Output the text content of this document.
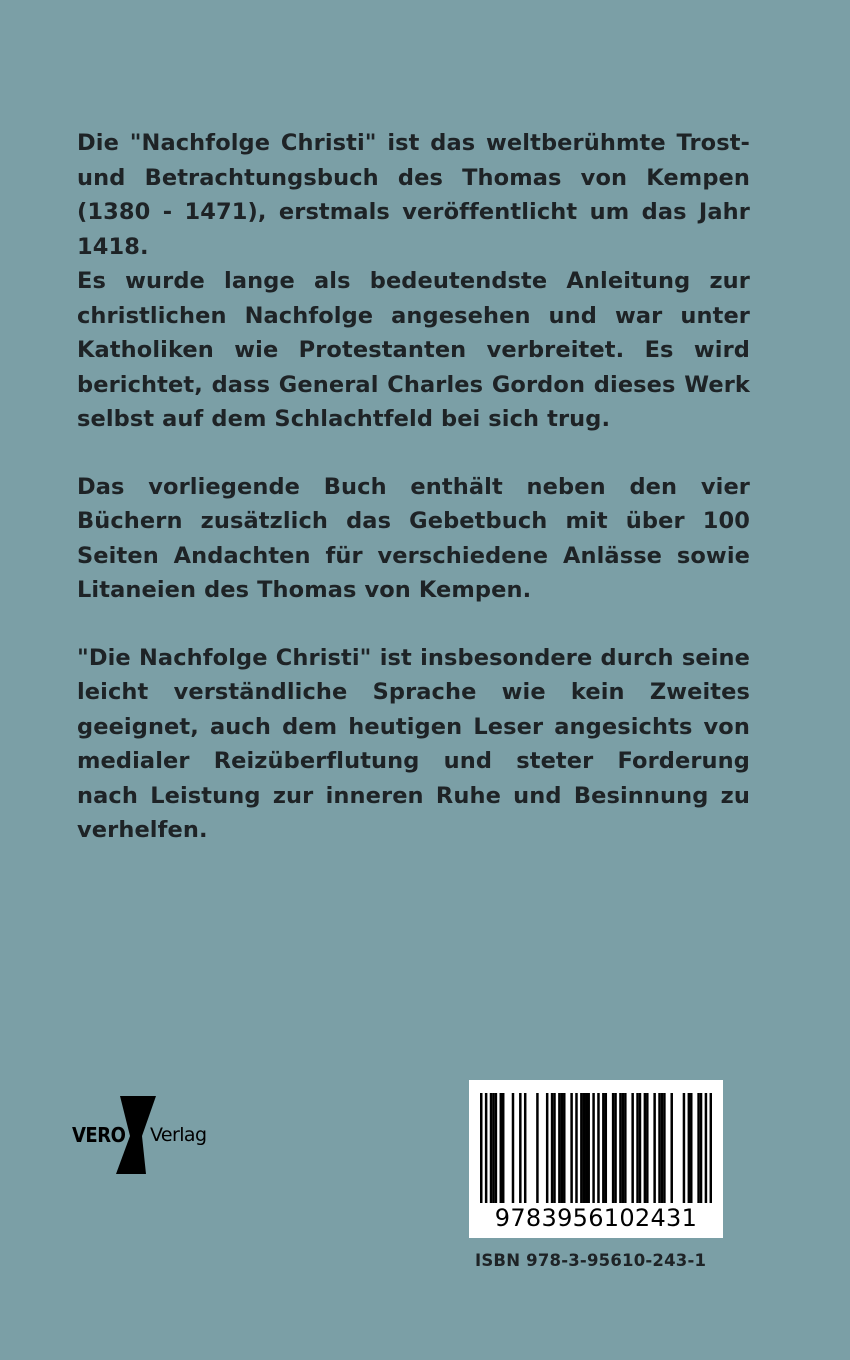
Die "Nachfolge Christi" ist das weltberühmte Trost- und Betrachtungsbuch des Thomas von Kempen (1380 - 1471), erstmals veröffentlicht um das Jahr 1418.

Es wurde lange als bedeutendste Anleitung zur christlichen Nachfolge angesehen und war unter Katholiken wie Protestanten verbreitet. Es wird berichtet, dass General Charles Gordon dieses Werk selbst auf dem Schlachtfeld bei sich trug.

Das vorliegende Buch enthält neben den vier Büchern zusätzlich das Gebetbuch mit über 100 Seiten Andachten für verschiedene Anlässe sowie Litaneien des Thomas von Kempen.

"Die Nachfolge Christi" ist insbesondere durch seine leicht verständliche Sprache wie kein Zweites geeignet, auch dem heutigen Leser angesichts von medialer Reizüberflutung und steter Forderung nach Leistung zur inneren Ruhe und Besinnung zu verhelfen.

VERO Verlag
9783956102431
ISBN 978-3-95610-243-1
